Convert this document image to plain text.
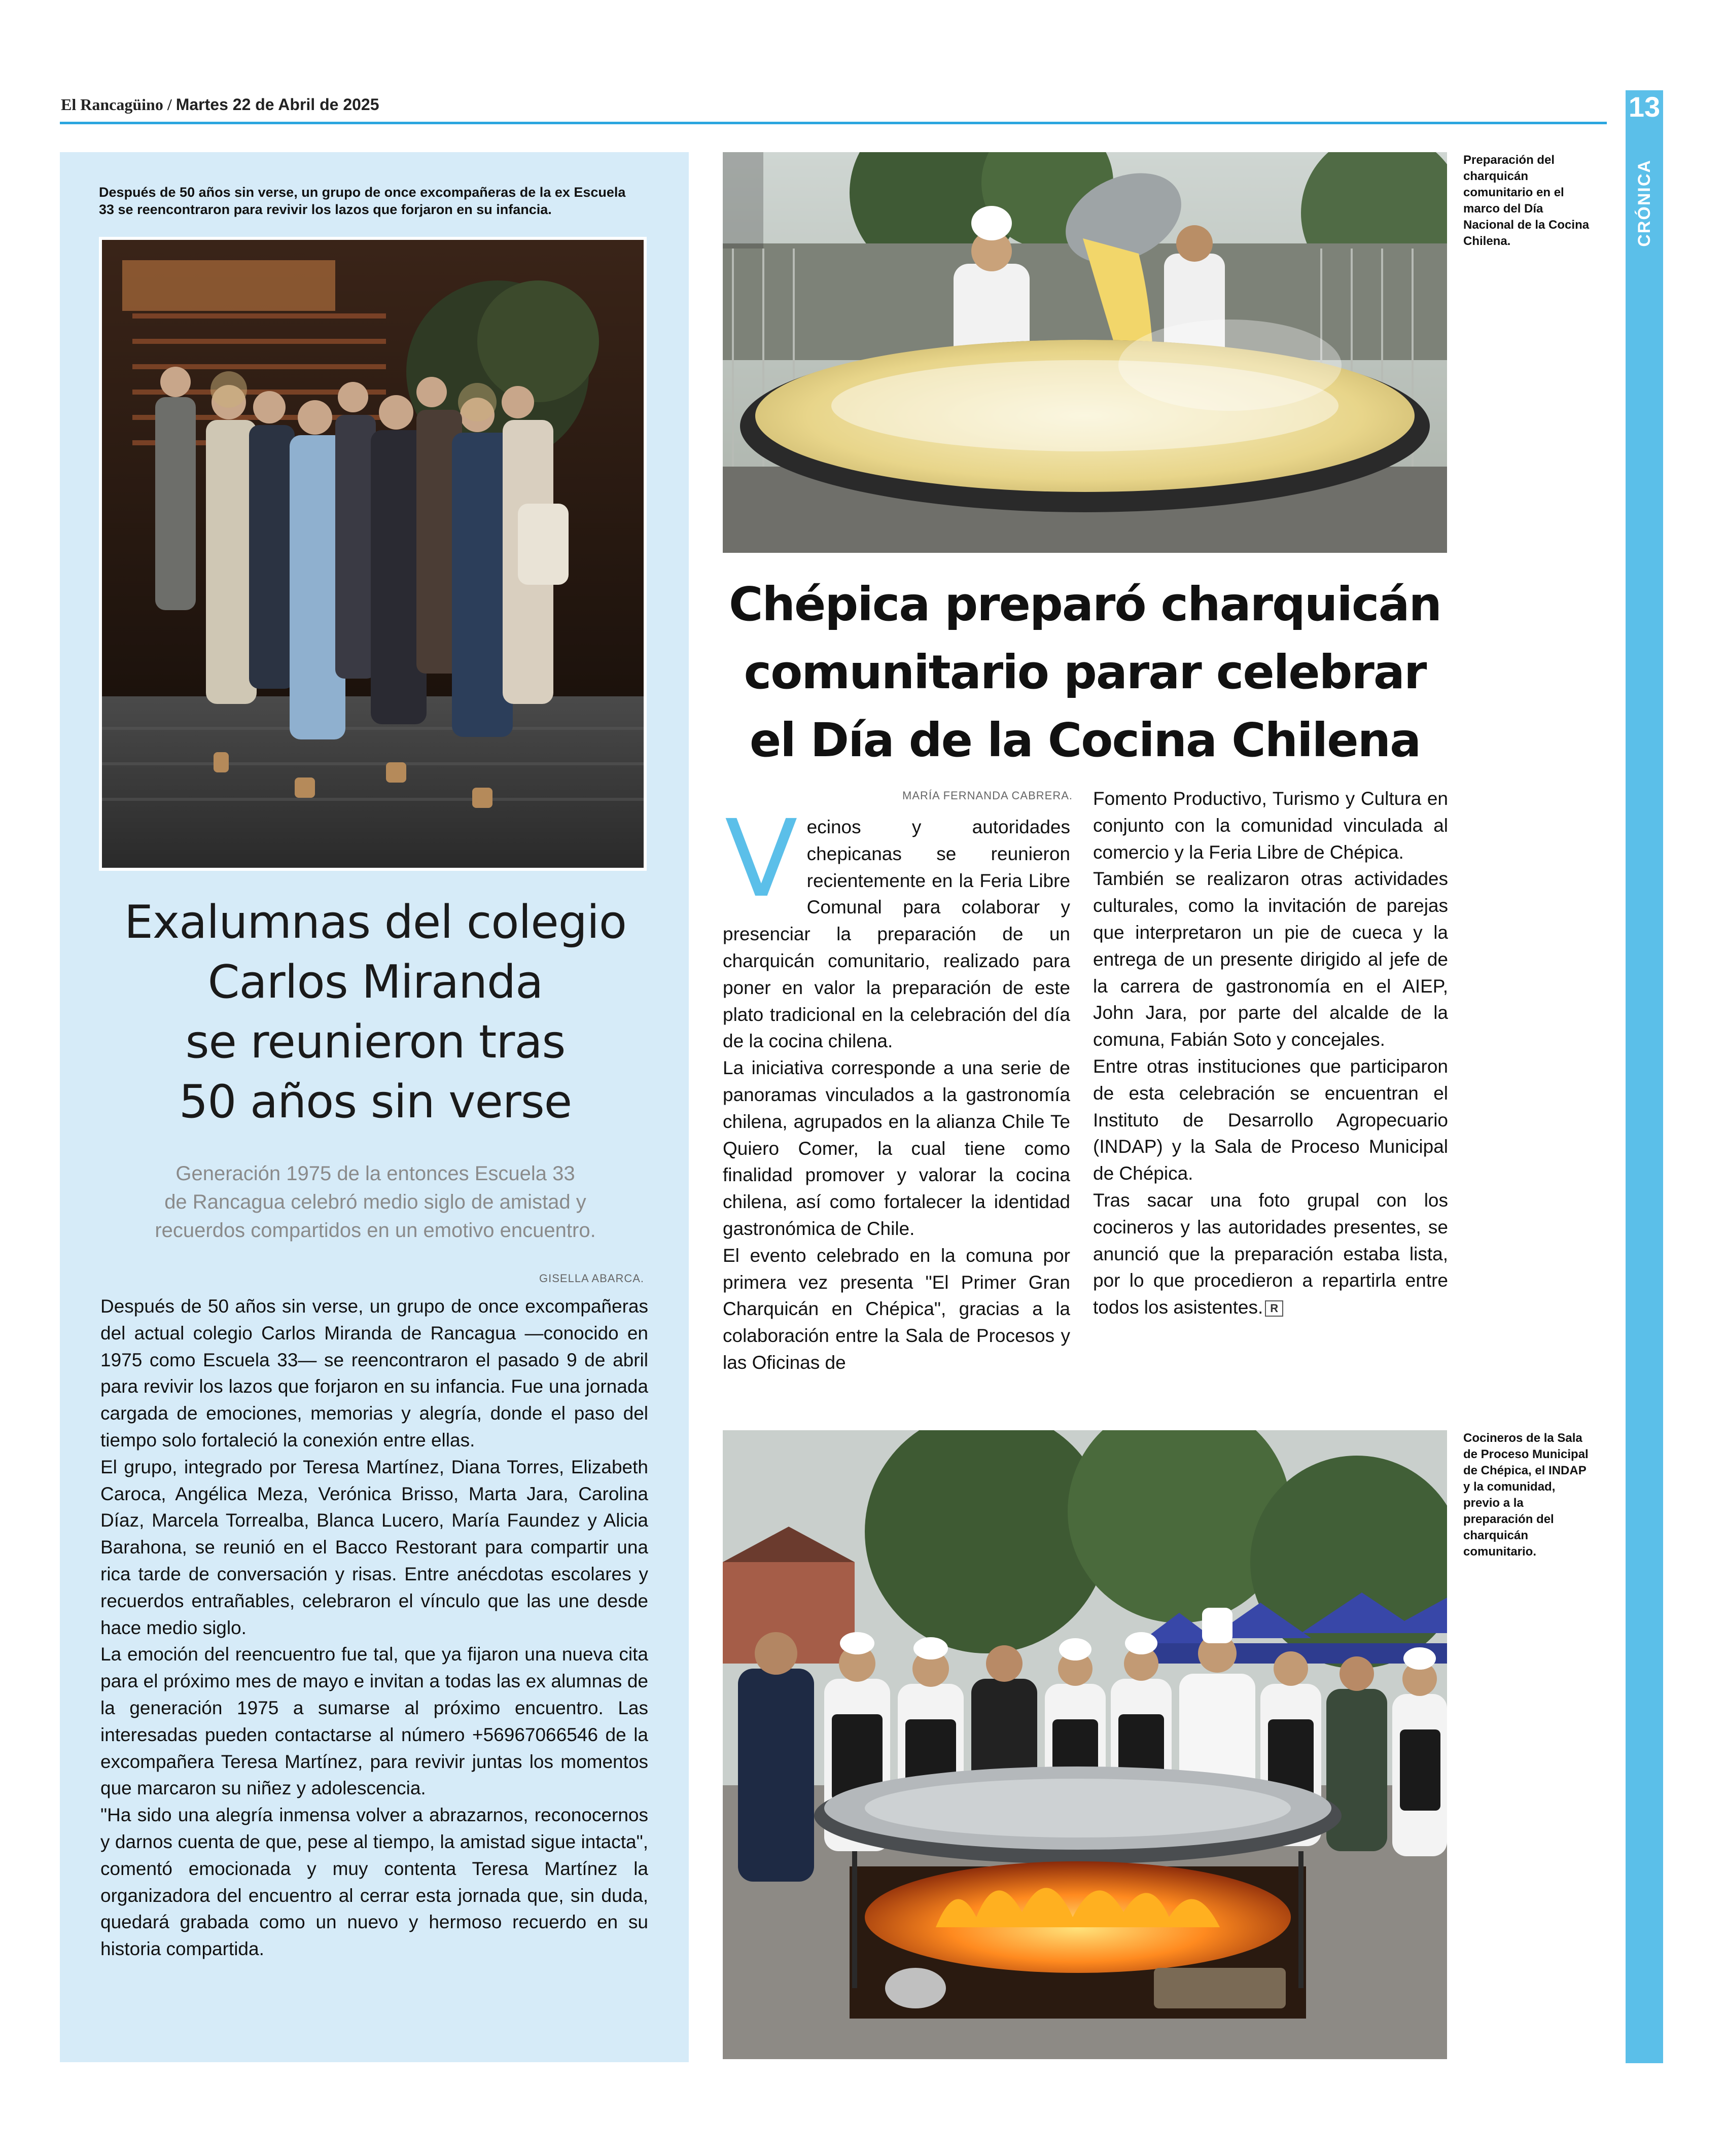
El Rancagüino / Martes 22 de Abril de 2025	13
CRÓNICA
Después de 50 años sin verse, un grupo de once excompañeras de la ex Escuela 33 se reencontraron para revivir los lazos que forjaron en su infancia.
Exalumnas del colegio
Carlos Miranda
se reunieron tras
50 años sin verse
Generación 1975 de la entonces Escuela 33
de Rancagua celebró medio siglo de amistad y
recuerdos compartidos en un emotivo encuentro.
GISELLA ABARCA.

Después de 50 años sin verse, un grupo de once excompañeras del actual colegio Carlos Miranda de Rancagua —conocido en 1975 como Escuela 33— se reencontraron el pasado 9 de abril para revivir los lazos que forjaron en su infancia. Fue una jornada cargada de emociones, memorias y alegría, donde el paso del tiempo solo fortaleció la conexión entre ellas.

El grupo, integrado por Teresa Martínez, Diana Torres, Elizabeth Caroca, Angélica Meza, Verónica Brisso, Marta Jara, Carolina Díaz, Marcela Torrealba, Blanca Lucero, María Faundez y Alicia Barahona, se reunió en el Bacco Restorant para compartir una rica tarde de conversación y risas. Entre anécdotas escolares y recuerdos entrañables, celebraron el vínculo que las une desde hace medio siglo.

La emoción del reencuentro fue tal, que ya fijaron una nueva cita para el próximo mes de mayo e invitan a todas las ex alumnas de la generación 1975 a sumarse al próximo encuentro. Las interesadas pueden contactarse al número +56967066546 de la excompañera Teresa Martínez, para revivir juntas los momentos que marcaron su niñez y adolescencia.

"Ha sido una alegría inmensa volver a abrazarnos, reconocernos y darnos cuenta de que, pese al tiempo, la amistad sigue intacta", comentó emocionada y muy contenta Teresa Martínez la organizadora del encuentro al cerrar esta jornada que, sin duda, quedará grabada como un nuevo y hermoso recuerdo en su historia compartida.

Preparación del charquicán comunitario en el marco del Día Nacional de la Cocina Chilena.
Chépica preparó charquicán
comunitario parar celebrar
el Día de la Cocina Chilena

Vecinos y autoridades chepicanas se reunieron recientemente en la Feria Libre Comunal para colaborar y presenciar la preparación de un charquicán comunitario, realizado para poner en valor la preparación de este plato tradicional en la celebración del día de la cocina chilena.

La iniciativa corresponde a una serie de panoramas vinculados a la gastronomía chilena, agrupados en la alianza Chile Te Quiero Comer, la cual tiene como finalidad promover y valorar la cocina chilena, así como fortalecer la identidad gastronómica de Chile.

El evento celebrado en la comuna por primera vez presenta "El Primer Gran Charquicán en Chépica", gracias a la colaboración entre la Sala de Procesos y las Oficinas de

MARÍA FERNANDA CABRERA. Fomento Productivo, Turismo y Cultura en conjunto con la comunidad vinculada al comercio y la Feria Libre de Chépica.

También se realizaron otras actividades culturales, como la invitación de parejas que interpretaron un pie de cueca y la entrega de un presente dirigido al jefe de la carrera de gastronomía en el AIEP, John Jara, por parte del alcalde de la comuna, Fabián Soto y concejales.

Entre otras instituciones que participaron de esta celebración se encuentran el Instituto de Desarrollo Agropecuario (INDAP) y la Sala de Proceso Municipal de Chépica.

Tras sacar una foto grupal con los cocineros y las autoridades presentes, se anunció que la preparación estaba lista, por lo que procedieron a repartirla entre todos los asistentes. R

Cocineros de la Sala de Proceso Municipal de Chépica, el INDAP y la comunidad, previo a la preparación del charquicán comunitario.
